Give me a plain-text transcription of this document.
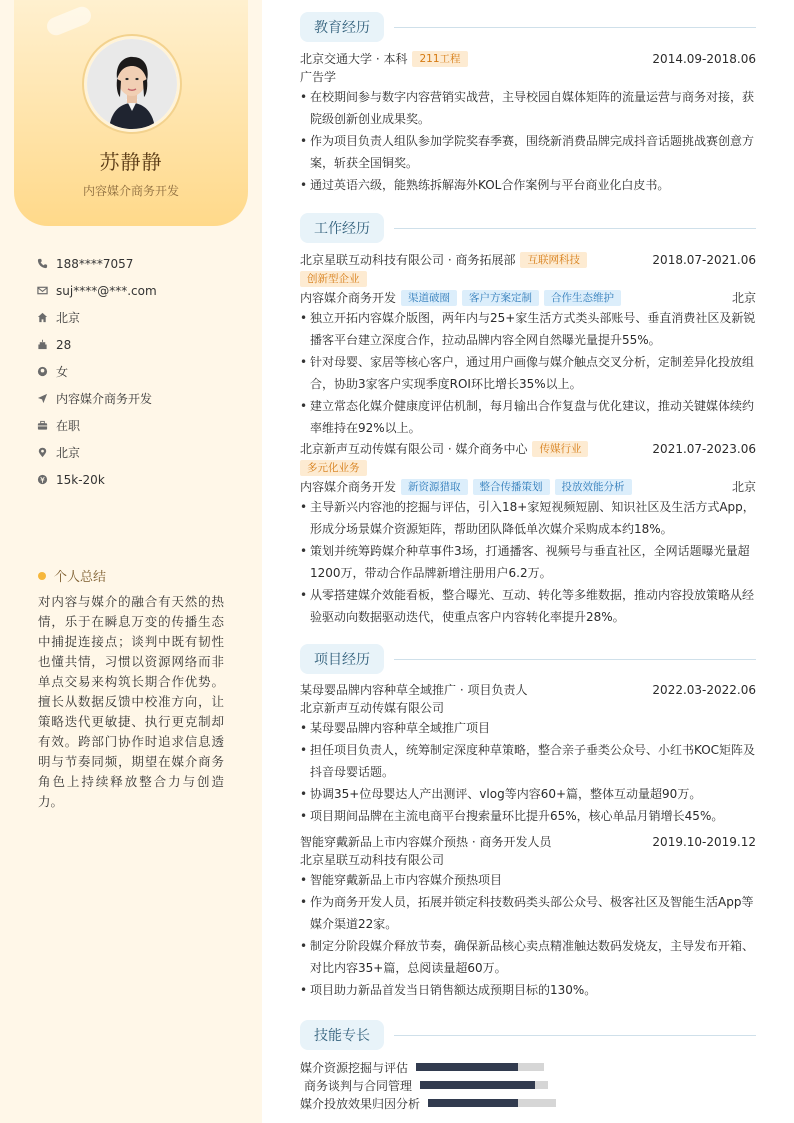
苏静静
内容媒介商务开发
188****7057
suj****@***.com
北京
28
女
内容媒介商务开发
在职
北京
15k-20k
个人总结
对内容与媒介的融合有天然的热情，乐于在瞬息万变的传播生态中捕捉连接点；谈判中既有韧性也懂共情，习惯以资源网络而非单点交易来构筑长期合作优势。擅长从数据反馈中校准方向，让策略迭代更敏捷、执行更克制却有效。跨部门协作时追求信息透明与节奏同频，期望在媒介商务角色上持续释放整合力与创造力。
教育经历
北京交通大学 · 本科	211工程	2014.09-2018.06
广告学
• 在校期间参与数字内容营销实战营，主导校园自媒体矩阵的流量运营与商务对接，获院级创新创业成果奖。
• 作为项目负责人组队参加学院奖春季赛，围绕新消费品牌完成抖音话题挑战赛创意方案，斩获全国铜奖。
• 通过英语六级，能熟练拆解海外KOL合作案例与平台商业化白皮书。
工作经历
北京星联互动科技有限公司 · 商务拓展部	互联网科技	2018.07-2021.06
创新型企业
内容媒介商务开发	渠道破圈	客户方案定制	合作生态维护	北京
• 独立开拓内容媒介版图，两年内与25+家生活方式类头部账号、垂直消费社区及新锐播客平台建立深度合作，拉动品牌内容全网自然曝光量提升55%。
• 针对母婴、家居等核心客户，通过用户画像与媒介触点交叉分析，定制差异化投放组合，协助3家客户实现季度ROI环比增长35%以上。
• 建立常态化媒介健康度评估机制，每月输出合作复盘与优化建议，推动关键媒体续约率维持在92%以上。
北京新声互动传媒有限公司 · 媒介商务中心	传媒行业	2021.07-2023.06
多元化业务
内容媒介商务开发	新资源猎取	整合传播策划	投放效能分析	北京
• 主导新兴内容池的挖掘与评估，引入18+家短视频短剧、知识社区及生活方式App，形成分场景媒介资源矩阵，帮助团队降低单次媒介采购成本约18%。
• 策划并统筹跨媒介种草事件3场，打通播客、视频号与垂直社区，全网话题曝光量超1200万，带动合作品牌新增注册用户6.2万。
• 从零搭建媒介效能看板，整合曝光、互动、转化等多维数据，推动内容投放策略从经验驱动向数据驱动迭代，使重点客户内容转化率提升28%。
项目经历
某母婴品牌内容种草全域推广 · 项目负责人	2022.03-2022.06
北京新声互动传媒有限公司
• 某母婴品牌内容种草全域推广项目
• 担任项目负责人，统筹制定深度种草策略，整合亲子垂类公众号、小红书KOC矩阵及抖音母婴话题。
• 协调35+位母婴达人产出测评、vlog等内容60+篇，整体互动量超90万。
• 项目期间品牌在主流电商平台搜索量环比提升65%，核心单品月销增长45%。
智能穿戴新品上市内容媒介预热 · 商务开发人员	2019.10-2019.12
北京星联互动科技有限公司
• 智能穿戴新品上市内容媒介预热项目
• 作为商务开发人员，拓展并锁定科技数码类头部公众号、极客社区及智能生活App等媒介渠道22家。
• 制定分阶段媒介释放节奏，确保新品核心卖点精准触达数码发烧友，主导发布开箱、对比内容35+篇，总阅读量超60万。
• 项目助力新品首发当日销售额达成预期目标的130%。
技能专长
媒介资源挖掘与评估

商务谈判与合同管理
媒介投放效果归因分析
